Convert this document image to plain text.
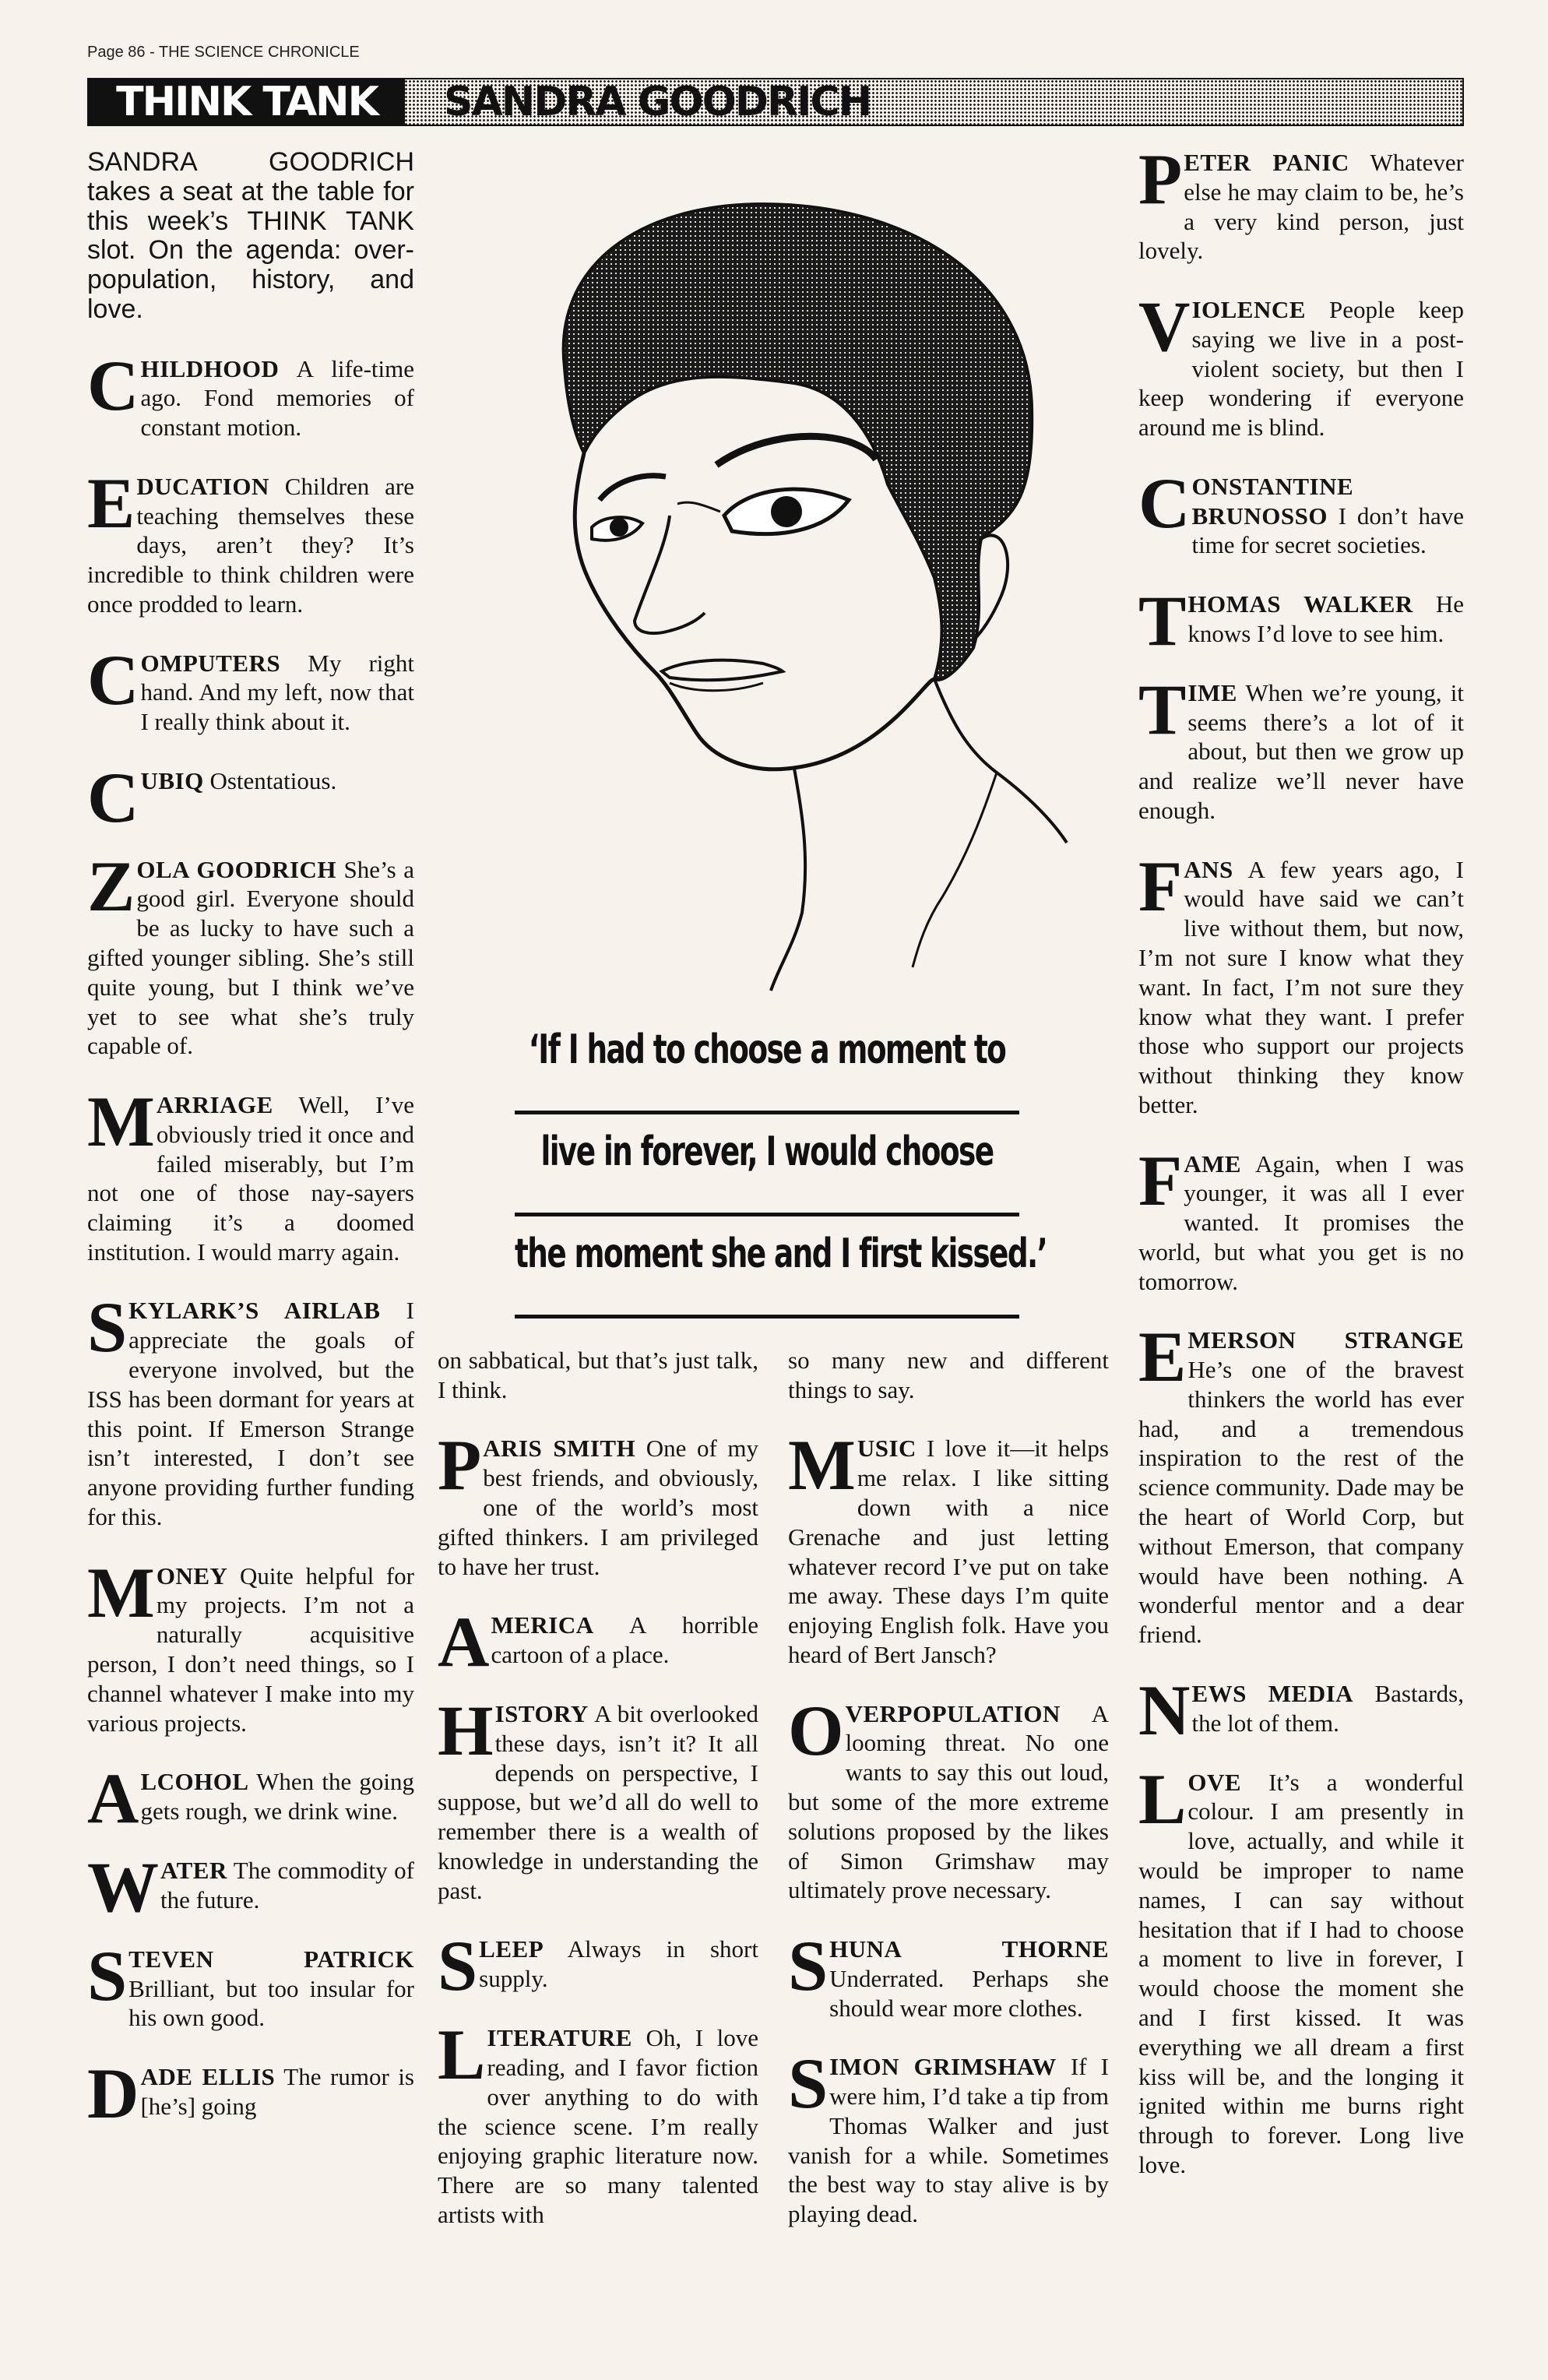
Page 86 - THE SCIENCE CHRONICLE
THINK TANK	SANDRA GOODRICH
SANDRA GOODRICH takes a seat at the table for this week’s THINK TANK slot. On the agenda: over-population, history, and love.
CHILDHOOD A life-time ago. Fond memories of constant motion.
EDUCATION Children are teaching themselves these days, aren’t they? It’s incredible to think children were once prodded to learn.
COMPUTERS My right hand. And my left, now that I really think about it.
CUBIQ Ostentatious.
ZOLA GOODRICH She’s a good girl. Everyone should be as lucky to have such a gifted younger sibling. She’s still quite young, but I think we’ve yet to see what she’s truly capable of.
MARRIAGE Well, I’ve obviously tried it once and failed miserably, but I’m not one of those nay-sayers claiming it’s a doomed institution. I would marry again.
SKYLARK’S AIRLAB I appreciate the goals of everyone involved, but the ISS has been dormant for years at this point. If Emerson Strange isn’t interested, I don’t see anyone providing further funding for this.
MONEY Quite helpful for my projects. I’m not a naturally acquisitive person, I don’t need things, so I channel whatever I make into my various projects.
ALCOHOL When the going gets rough, we drink wine.
WATER The commodity of the future.
STEVEN PATRICK Brilliant, but too insular for his own good.
DADE ELLIS The rumor is [he’s] going
‘If I had to choose a moment to
live in forever, I would choose
the moment she and I first kissed.’
on sabbatical, but that’s just talk, I think.
PARIS SMITH One of my best friends, and obviously, one of the world’s most gifted thinkers. I am privileged to have her trust.
AMERICA A horrible cartoon of a place.
HISTORY A bit overlooked these days, isn’t it? It all depends on perspective, I suppose, but we’d all do well to remember there is a wealth of knowledge in understanding the past.
SLEEP Always in short supply.
LITERATURE Oh, I love reading, and I favor fiction over anything to do with the science scene. I’m really enjoying graphic literature now. There are so many talented artists with
so many new and different things to say.
MUSIC I love it—it helps me relax. I like sitting down with a nice Grenache and just letting whatever record I’ve put on take me away. These days I’m quite enjoying English folk. Have you heard of Bert Jansch?
OVERPOPULATION A looming threat. No one wants to say this out loud, but some of the more extreme solutions proposed by the likes of Simon Grimshaw may ultimately prove necessary.
SHUNA THORNE Underrated. Perhaps she should wear more clothes.
SIMON GRIMSHAW If I were him, I’d take a tip from Thomas Walker and just vanish for a while. Sometimes the best way to stay alive is by playing dead.
PETER PANIC Whatever else he may claim to be, he’s a very kind person, just lovely.
VIOLENCE People keep saying we live in a post-violent society, but then I keep wondering if everyone around me is blind.
CONSTANTINE BRUNOSSO I don’t have time for secret societies.
THOMAS WALKER He knows I’d love to see him.
TIME When we’re young, it seems there’s a lot of it about, but then we grow up and realize we’ll never have enough.
FANS A few years ago, I would have said we can’t live without them, but now, I’m not sure I know what they want. In fact, I’m not sure they know what they want. I prefer those who support our projects without thinking they know better.
FAME Again, when I was younger, it was all I ever wanted. It promises the world, but what you get is no tomorrow.
EMERSON STRANGE He’s one of the bravest thinkers the world has ever had, and a tremendous inspiration to the rest of the science community. Dade may be the heart of World Corp, but without Emerson, that company would have been nothing. A wonderful mentor and a dear friend.
NEWS MEDIA Bastards, the lot of them.
LOVE It’s a wonderful colour. I am presently in love, actually, and while it would be improper to name names, I can say without hesitation that if I had to choose a moment to live in forever, I would choose the moment she and I first kissed. It was everything we all dream a first kiss will be, and the longing it ignited within me burns right through to forever. Long live love.
